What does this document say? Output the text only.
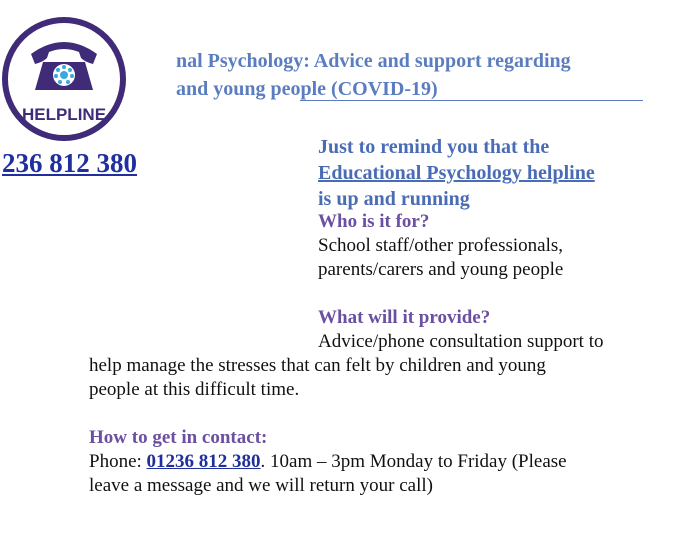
nal Psychology: Advice and support regarding
and young people (COVID-19)
HELPLINE
236 812 380
Just to remind you that the
Educational Psychology helpline
is up and running
Who is it for?
School staff/other professionals,
parents/carers and young people
What will it provide?
Advice/phone consultation support to
help manage the stresses that can felt by children and young
people at this difficult time.
How to get in contact:
Phone: 01236 812 380. 10am – 3pm Monday to Friday (Please
leave a message and we will return your call)
